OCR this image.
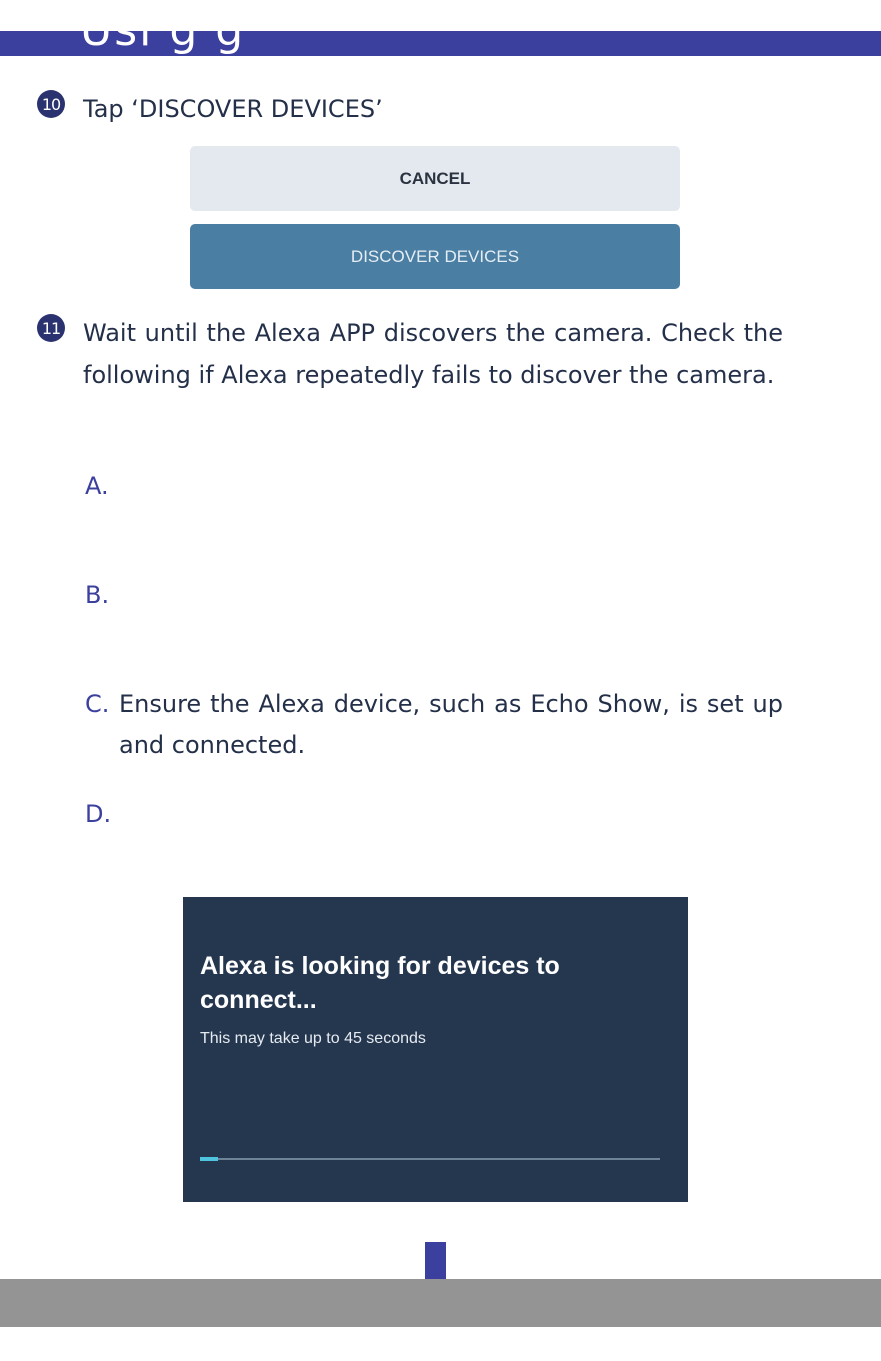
Usi g g
10 Tap ‘DISCOVER DEVICES’
CANCEL
DISCOVER DEVICES
11 Wait until the Alexa APP discovers the camera. Check the following if Alexa repeatedly fails to discover the camera.
A.
B.
C. Ensure the Alexa device, such as Echo Show, is set up and connected.
D.
Alexa is looking for devices to connect...
This may take up to 45 seconds
